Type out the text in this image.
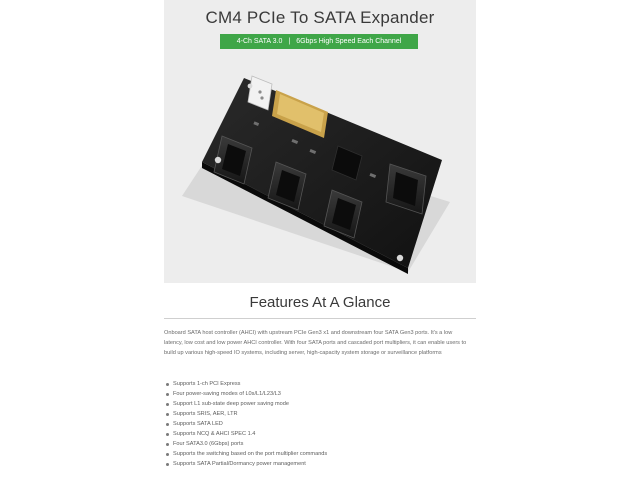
CM4 PCIe To SATA Expander
4-Ch SATA 3.0 | 6Gbps High Speed Each Channel
Features At A Glance

Onboard SATA host controller (AHCI) with upstream PCIe Gen3 x1 and downstream four SATA Gen3 ports. It's a low latency, low cost and low power AHCI controller. With four SATA ports and cascaded port multipliers, it can enable users to build up various high-speed IO systems, including server, high-capacity system storage or surveillance platforms

Supports 1-ch PCI Express
Four power-saving modes of L0s/L1/L23/L3
Support L1 sub-state deep power saving mode
Supports SRIS, AER, LTR
Supports SATA LED
Supports NCQ & AHCI SPEC 1.4
Four SATA3.0 (6Gbps) ports
Supports the switching based on the port multiplier commands
Supports SATA Partial/Dormancy power management
